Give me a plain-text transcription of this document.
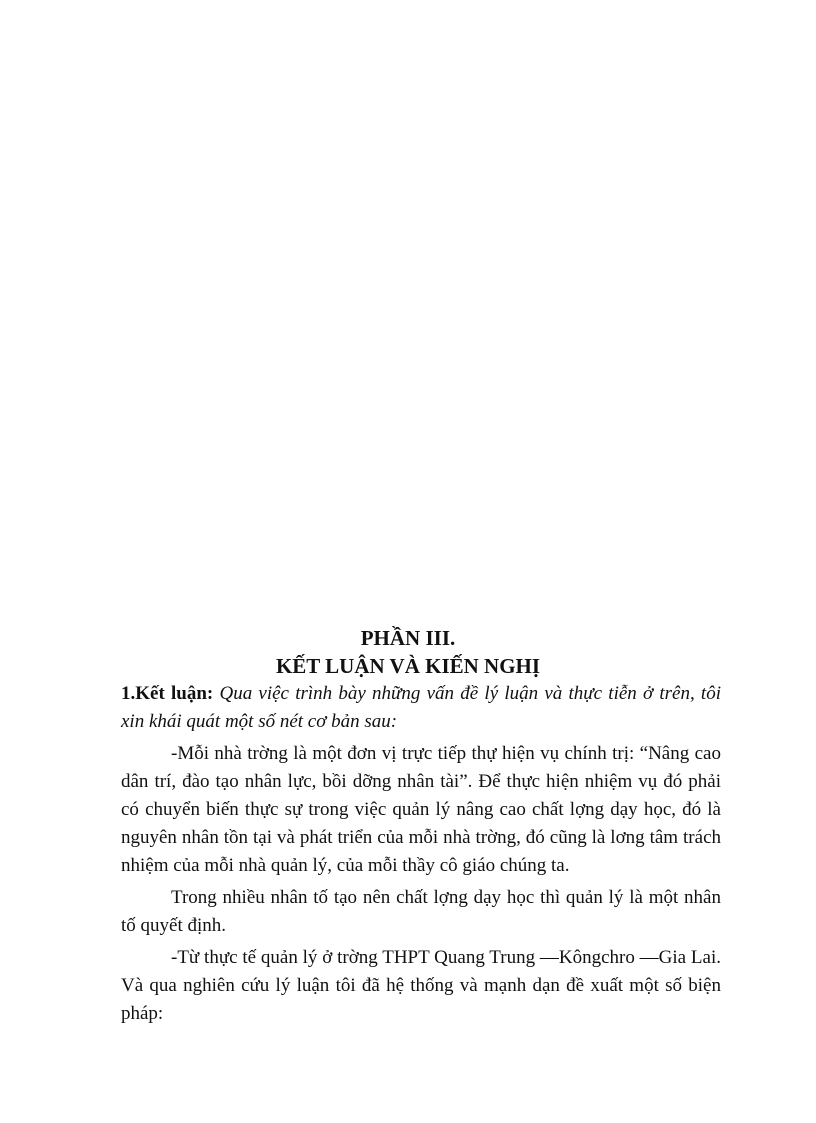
PHẦN III.
KẾT LUẬN VÀ KIẾN NGHỊ

1.Kết luận: Qua việc trình bày những vấn đề lý luận và thực tiễn ở trên, tôi xin khái quát một số nét cơ bản sau:

-Mỗi nhà trờng là một đơn vị trực tiếp thự hiện vụ chính trị: “Nâng cao dân trí, đào tạo nhân lực, bồi dỡng nhân tài”. Để thực hiện nhiệm vụ đó phải có chuyển biến thực sự trong việc quản lý nâng cao chất lợng dạy học, đó là nguyên nhân tồn tại và phát triển của mỗi nhà trờng, đó cũng là lơng tâm trách nhiệm của mỗi nhà quản lý, của mỗi thầy cô giáo chúng ta.

Trong nhiều nhân tố tạo nên chất lợng dạy học thì quản lý là một nhân tố quyết định.

-Từ thực tế quản lý ở trờng THPT Quang Trung —Kôngchro —Gia Lai. Và qua nghiên cứu lý luận tôi đã hệ thống và mạnh dạn đề xuất một số biện pháp:
